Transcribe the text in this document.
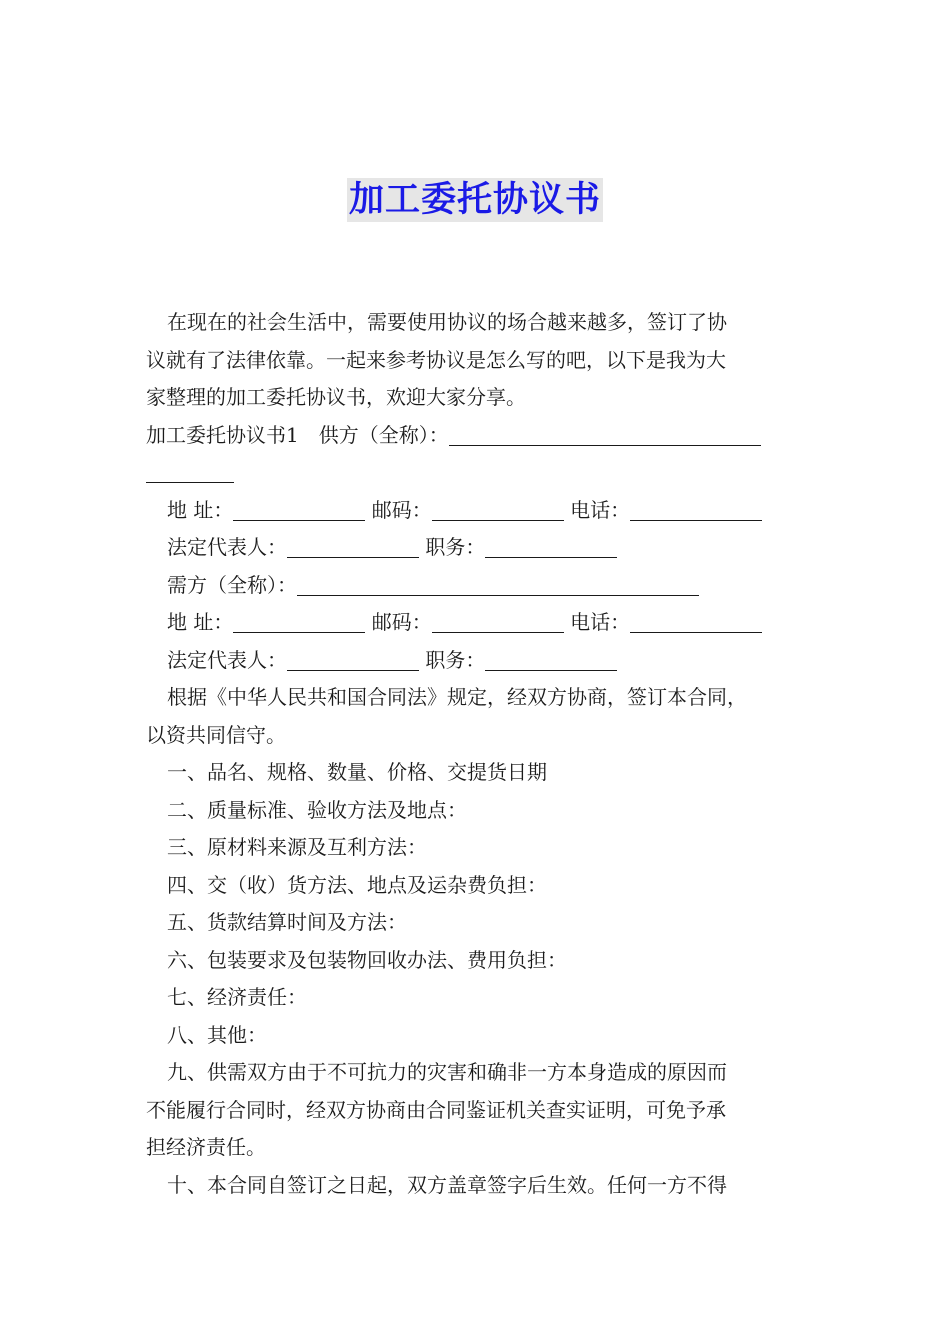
加工委托协议书
在现在的社会生活中，需要使用协议的场合越来越多，签订了协
议就有了法律依靠。一起来参考协议是怎么写的吧，以下是我为大
家整理的加工委托协议书，欢迎大家分享。
加工委托协议书1　供方（全称）：
地 址：	邮码：	电话：
法定代表人：	职务：
需方（全称）：
地 址：	邮码：	电话：
法定代表人：	职务：
根据《中华人民共和国合同法》规定，经双方协商，签订本合同，
以资共同信守。
一、品名、规格、数量、价格、交提货日期
二、质量标准、验收方法及地点：
三、原材料来源及互利方法：
四、交（收）货方法、地点及运杂费负担：
五、货款结算时间及方法：
六、包装要求及包装物回收办法、费用负担：
七、经济责任：
八、其他：
九、供需双方由于不可抗力的灾害和确非一方本身造成的原因而
不能履行合同时，经双方协商由合同鉴证机关查实证明，可免予承
担经济责任。
十、本合同自签订之日起，双方盖章签字后生效。任何一方不得
